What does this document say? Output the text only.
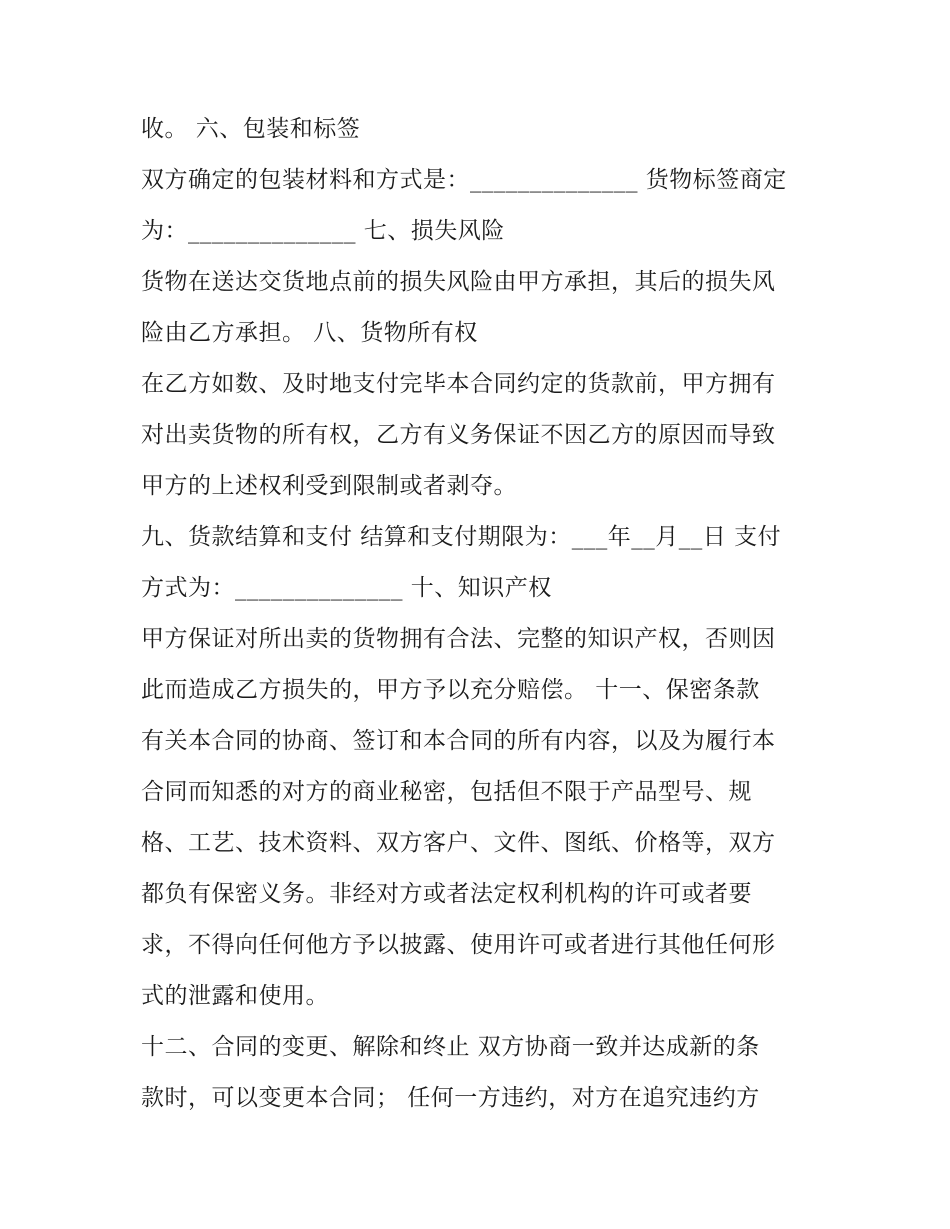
收。 六、包装和标签
双方确定的包装材料和方式是：______________ 货物标签商定
为：______________ 七、损失风险
货物在送达交货地点前的损失风险由甲方承担，其后的损失风
险由乙方承担。 八、货物所有权
在乙方如数、及时地支付完毕本合同约定的货款前，甲方拥有
对出卖货物的所有权，乙方有义务保证不因乙方的原因而导致
甲方的上述权利受到限制或者剥夺。
九、货款结算和支付 结算和支付期限为：___年__月__日 支付
方式为：______________ 十、知识产权
甲方保证对所出卖的货物拥有合法、完整的知识产权，否则因
此而造成乙方损失的，甲方予以充分赔偿。 十一、保密条款
有关本合同的协商、签订和本合同的所有内容，以及为履行本
合同而知悉的对方的商业秘密，包括但不限于产品型号、规
格、工艺、技术资料、双方客户、文件、图纸、价格等，双方
都负有保密义务。非经对方或者法定权利机构的许可或者要
求，不得向任何他方予以披露、使用许可或者进行其他任何形
式的泄露和使用。
十二、合同的变更、解除和终止 双方协商一致并达成新的条
款时，可以变更本合同； 任何一方违约，对方在追究违约方
